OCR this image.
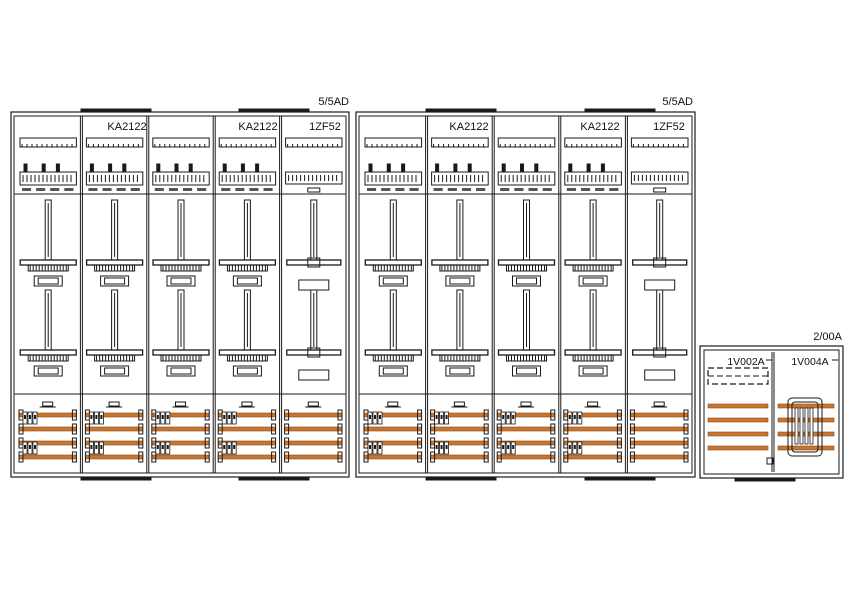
5/5AD	5/5AD
2/00A
KA2122	KA2122	1ZF52	KA2122	KA2122	1ZF52
1V002A	1V004A
